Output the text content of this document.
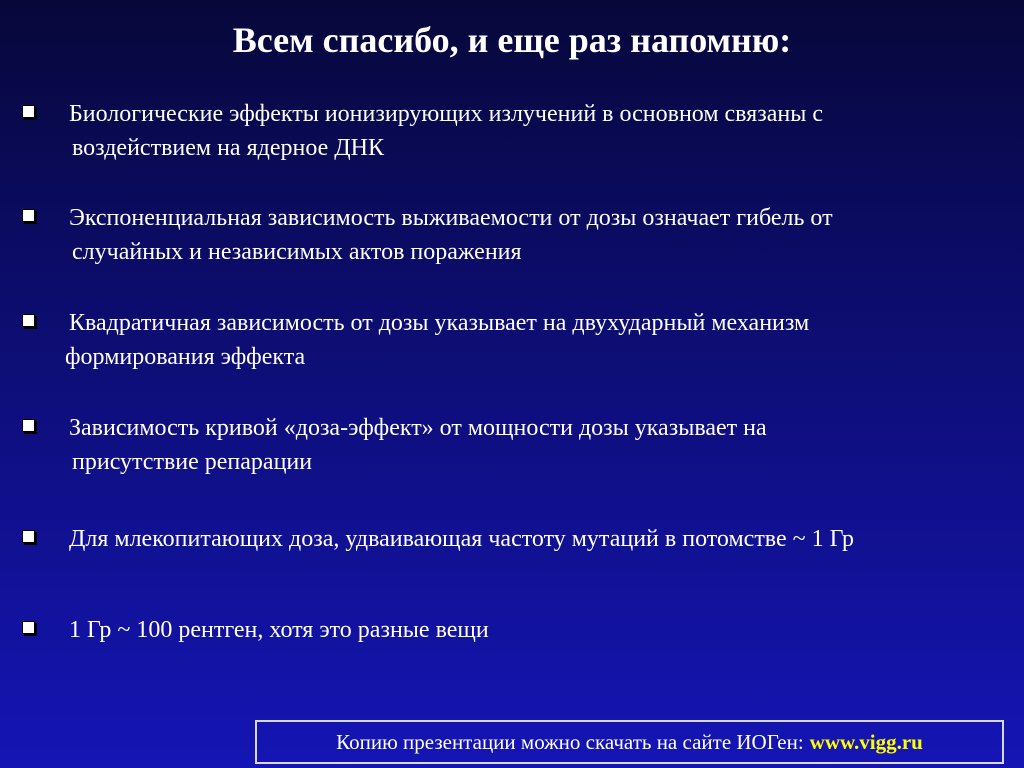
Всем спасибо, и еще раз напомню:
Биологические эффекты ионизирующих излучений в основном связаны с
воздействием на ядерное ДНК
Экспоненциальная зависимость выживаемости от дозы означает гибель от
случайных и независимых актов поражения
Квадратичная зависимость от дозы указывает на двухударный механизм
формирования эффекта
Зависимость кривой «доза-эффект» от мощности дозы указывает на
присутствие репарации
Для млекопитающих доза, удваивающая частоту мутаций в потомстве ~ 1 Гр
1 Гр ~ 100 рентген, хотя это разные вещи
Копию презентации можно скачать на сайте ИОГен: www.vigg.ru
